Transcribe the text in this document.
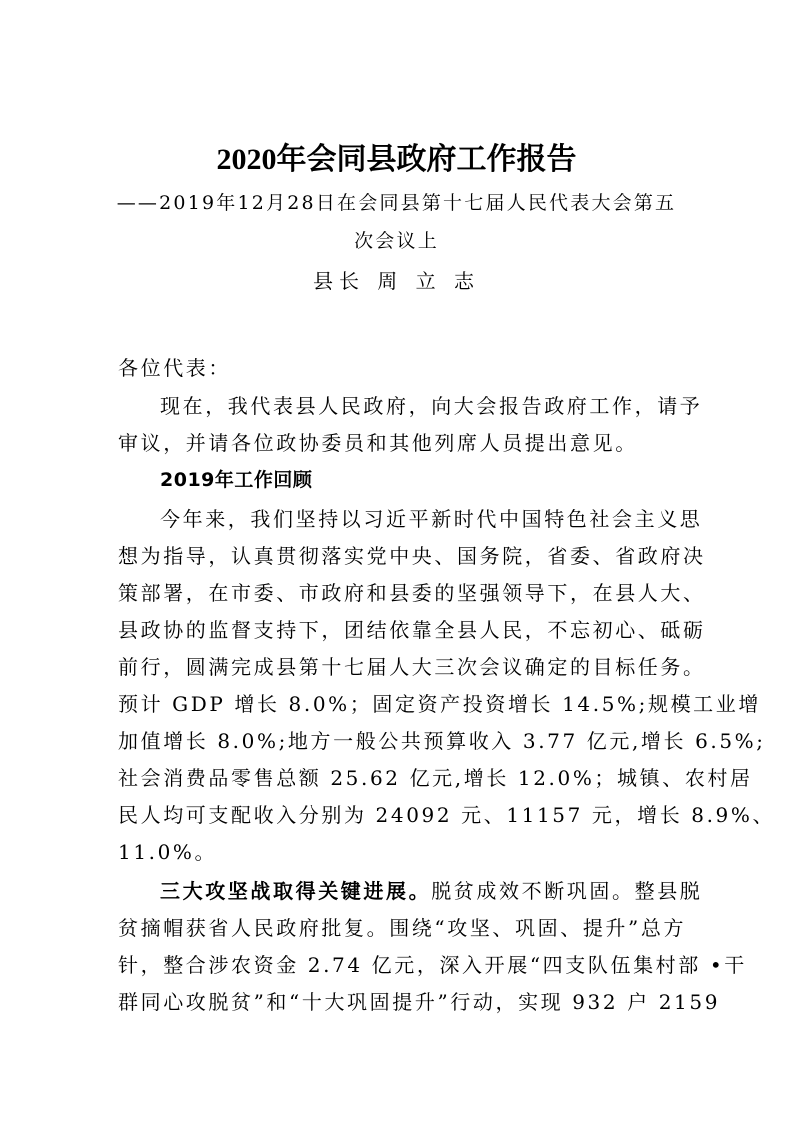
2020年会同县政府工作报告
——2019年12月28日在会同县第十七届人民代表大会第五
次会议上
县长 周 立 志
各位代表：
现在，我代表县人民政府，向大会报告政府工作，请予
审议，并请各位政协委员和其他列席人员提出意见。
2019年工作回顾
今年来，我们坚持以习近平新时代中国特色社会主义思
想为指导，认真贯彻落实党中央、国务院，省委、省政府决
策部署，在市委、市政府和县委的坚强领导下，在县人大、
县政协的监督支持下，团结依靠全县人民，不忘初心、砥砺
前行，圆满完成县第十七届人大三次会议确定的目标任务。
预计 GDP 增长 8.0%；固定资产投资增长 14.5%;规模工业增
加值增长 8.0%;地方一般公共预算收入 3.77 亿元,增长 6.5%;
社会消费品零售总额 25.62 亿元,增长 12.0%；城镇、农村居
民人均可支配收入分别为 24092 元、11157 元，增长 8.9%、
11.0%。
三大攻坚战取得关键进展。脱贫成效不断巩固。整县脱
贫摘帽获省人民政府批复。围绕“攻坚、巩固、提升”总方
针，整合涉农资金 2.74 亿元，深入开展“四支队伍集村部 •干
群同心攻脱贫”和“十大巩固提升”行动，实现 932 户 2159
